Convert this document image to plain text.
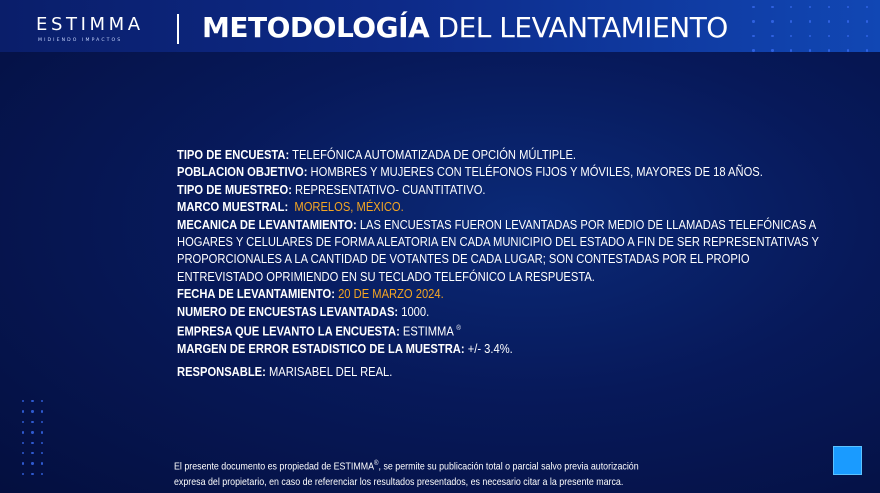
ESTIMMA
MIDIENDO IMPACTOS	METODOLOGÍA DEL LEVANTAMIENTO
TIPO DE ENCUESTA: TELEFÓNICA AUTOMATIZADA DE OPCIÓN MÚLTIPLE.
POBLACION OBJETIVO: HOMBRES Y MUJERES CON TELÉFONOS FIJOS Y MÓVILES, MAYORES DE 18 AÑOS.
TIPO DE MUESTREO: REPRESENTATIVO- CUANTITATIVO.
MARCO MUESTRAL:  MORELOS, MÉXICO.
MECANICA DE LEVANTAMIENTO: LAS ENCUESTAS FUERON LEVANTADAS POR MEDIO DE LLAMADAS TELEFÓNICAS A HOGARES Y CELULARES DE FORMA ALEATORIA EN CADA MUNICIPIO DEL ESTADO A FIN DE SER REPRESENTATIVAS Y PROPORCIONALES A LA CANTIDAD DE VOTANTES DE CADA LUGAR; SON CONTESTADAS POR EL PROPIO ENTREVISTADO OPRIMIENDO EN SU TECLADO TELEFÓNICO LA RESPUESTA.
FECHA DE LEVANTAMIENTO: 20 DE MARZO 2024.
NUMERO DE ENCUESTAS LEVANTADAS: 1000.
EMPRESA QUE LEVANTO LA ENCUESTA: ESTIMMA ®
MARGEN DE ERROR ESTADISTICO DE LA MUESTRA: +/- 3.4%.
RESPONSABLE: MARISABEL DEL REAL.
El presente documento es propiedad de ESTIMMA®, se permite su publicación total o parcial salvo previa autorización
expresa del propietario, en caso de referenciar los resultados presentados, es necesario citar a la presente marca.
